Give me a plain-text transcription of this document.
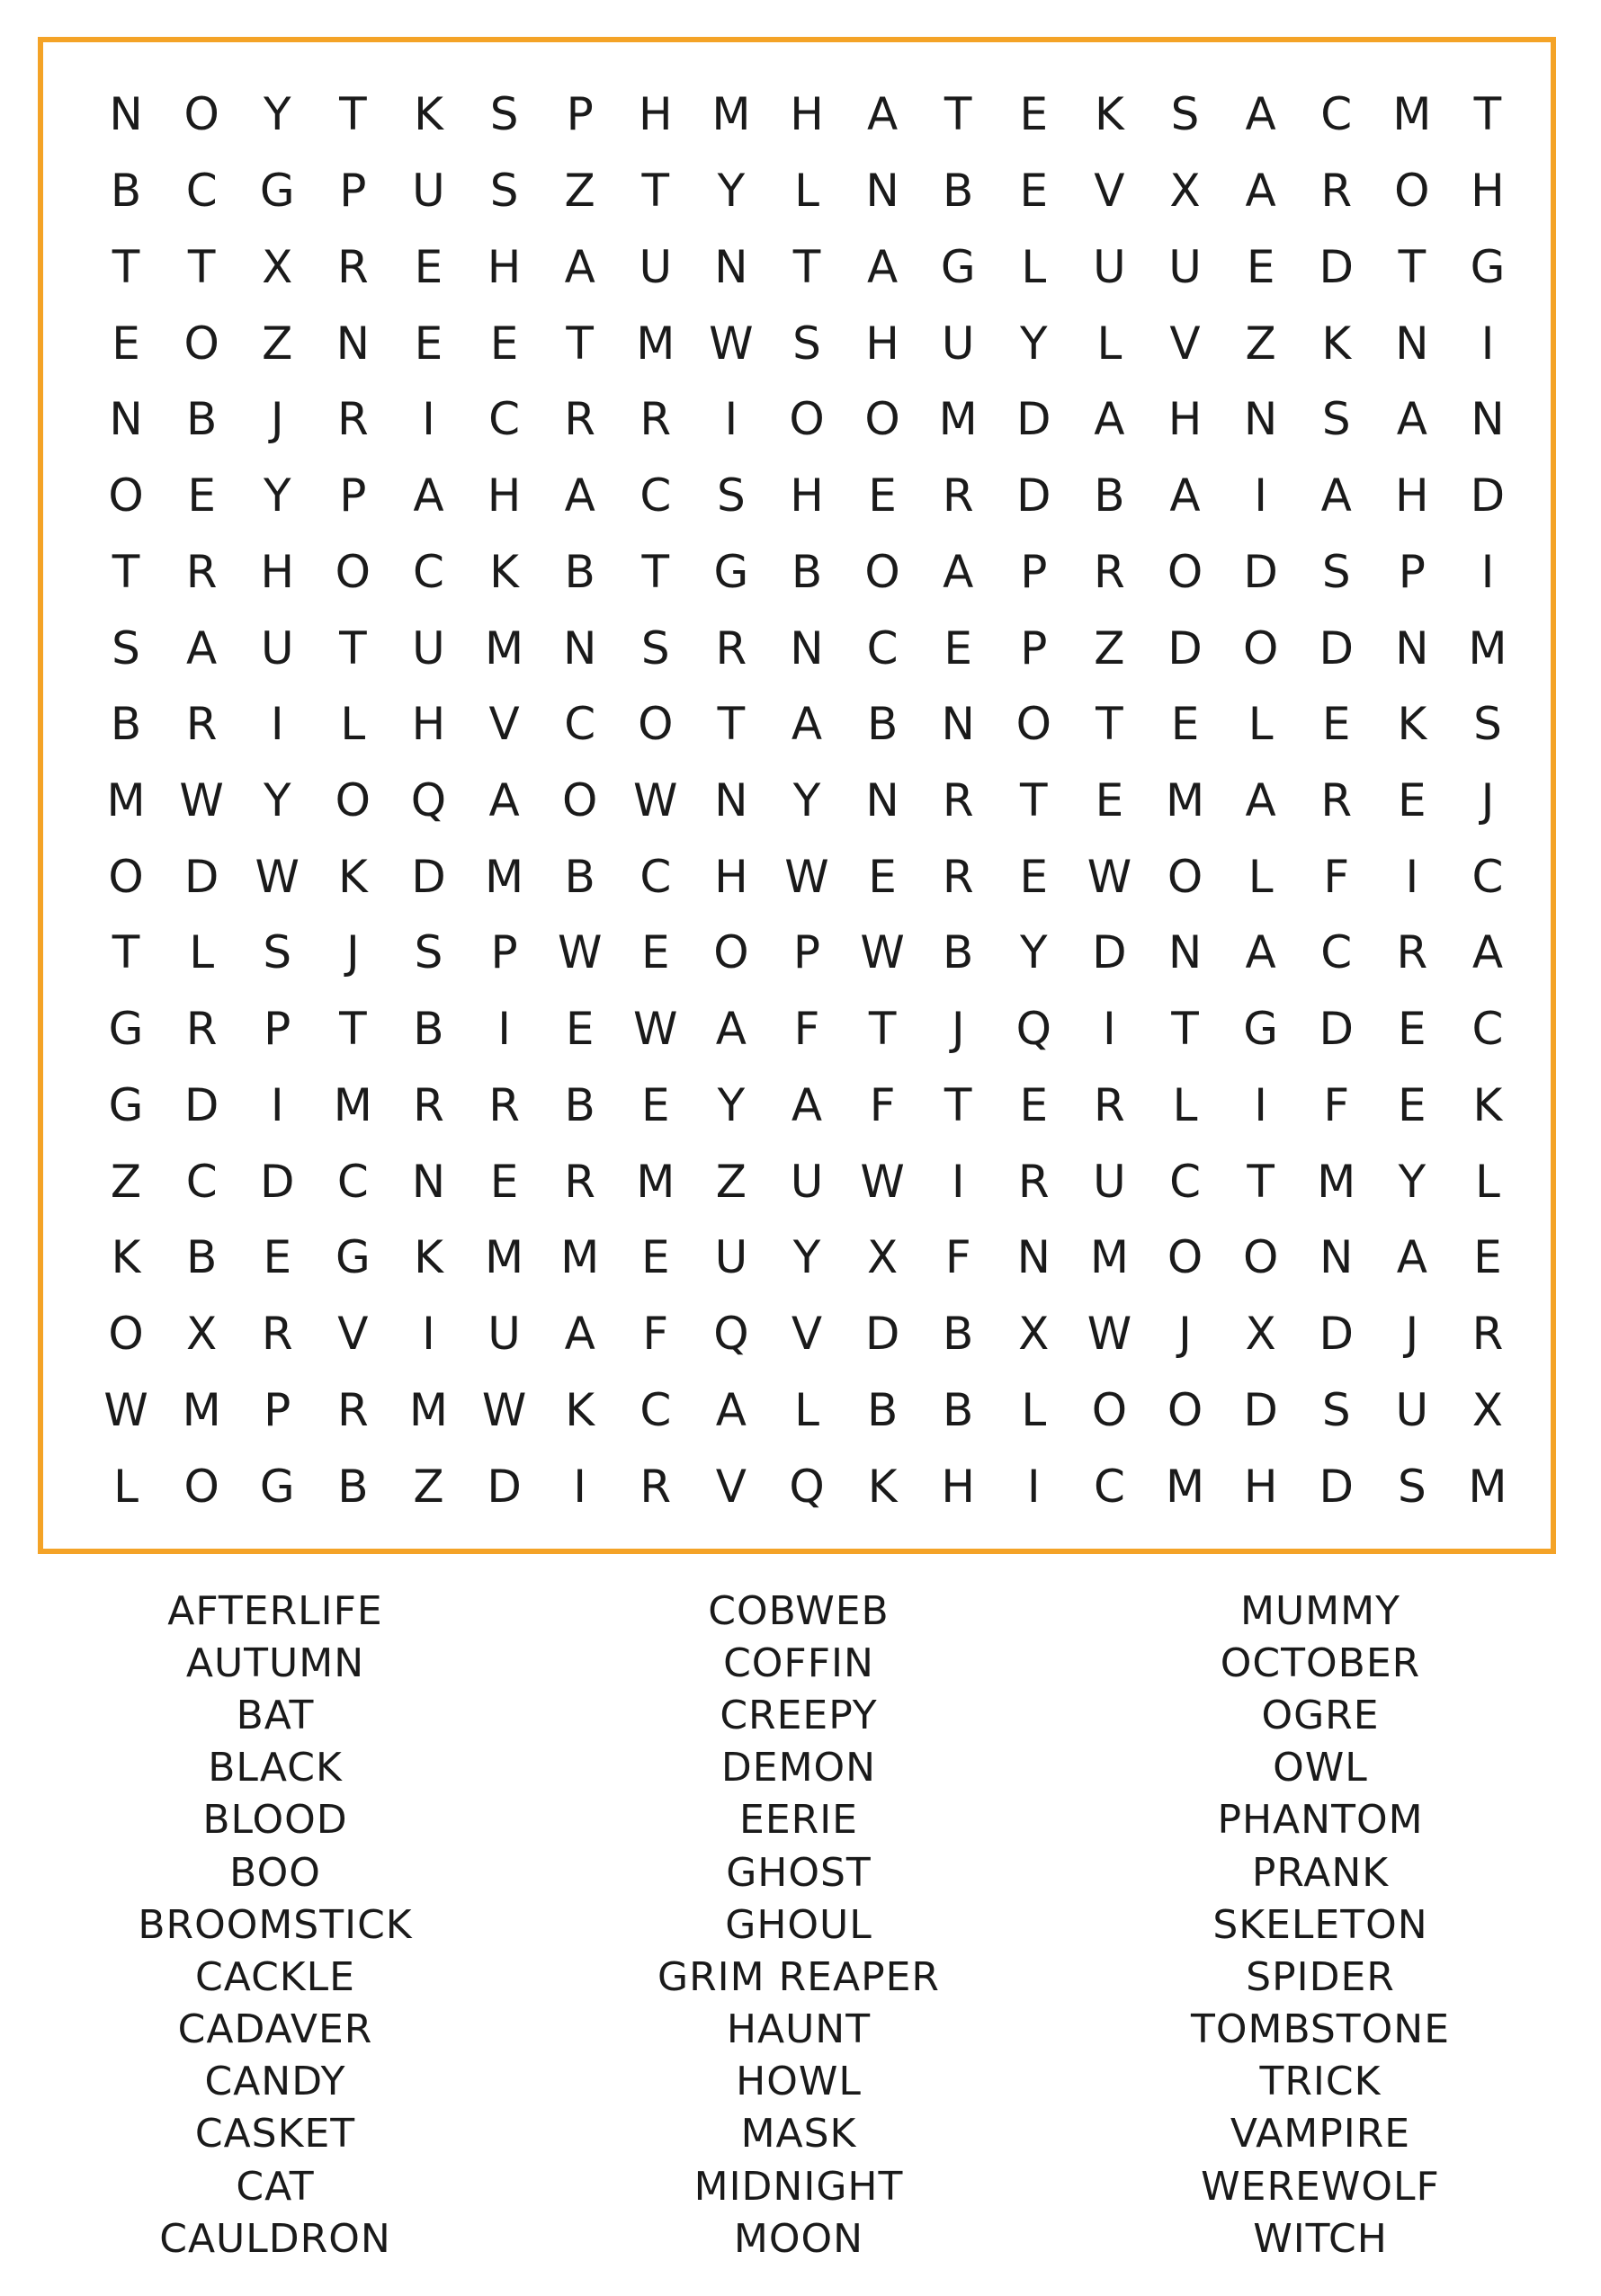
N O Y	T	K	S	P	H M H A	T	E	K	S	A C M T
B C G P	U S	Z	T	Y	L	N B	E	V X A R O H
T	T	X R	E H A U N	T	A G	L	U U	E D T G
E O Z N E	E	T M W S H U	Y	L	V Z	K N	I
N B	J	R	I	C R R	I	O O M D A H N S	A N
O E	Y	P	A H A C	S H E	R D B A	I	A H D
T	R H O C	K	B	T G B O A	P	R O D S	P	I
S	A U	T	U M N S	R N C	E	P	Z D O D N M
B R	I	L	H V C O T	A B N O T	E	L	E	K	S
M W Y O Q A O W N	Y	N R	T	E M A R	E	J
O D W K D M B C H W E	R	E W O	L	F	I	C
T	L	S	J	S	P W E O P W B	Y D N A C R A
G R	P	T	B	I	E W A	F	T	J	Q	I	T G D E	C
G D	I	M R R B	E	Y	A	F	T	E	R	L	I	F	E	K
Z C D C N E	R M Z U W	I	R U C	T M Y	L
K	B	E G K M M E	U	Y	X	F	N M O O N A	E
O X R V	I	U A	F	Q V D B X W	J	X D	J	R
W M P	R M W K	C A	L	B B	L	O O D S U X
L	O G B Z D	I	R V Q K H	I	C M H D S M
AFTERLIFE
AUTUMN
BAT
BLACK
BLOOD
BOO
BROOMSTICK
CACKLE
CADAVER
CANDY
CASKET
CAT
CAULDRON
COBWEB
COFFIN
CREEPY
DEMON
EERIE
GHOST
GHOUL
GRIM REAPER
HAUNT
HOWL
MASK
MIDNIGHT
MOON
MUMMY
OCTOBER
OGRE
OWL
PHANTOM
PRANK
SKELETON
SPIDER
TOMBSTONE
TRICK
VAMPIRE
WEREWOLF
WITCH
